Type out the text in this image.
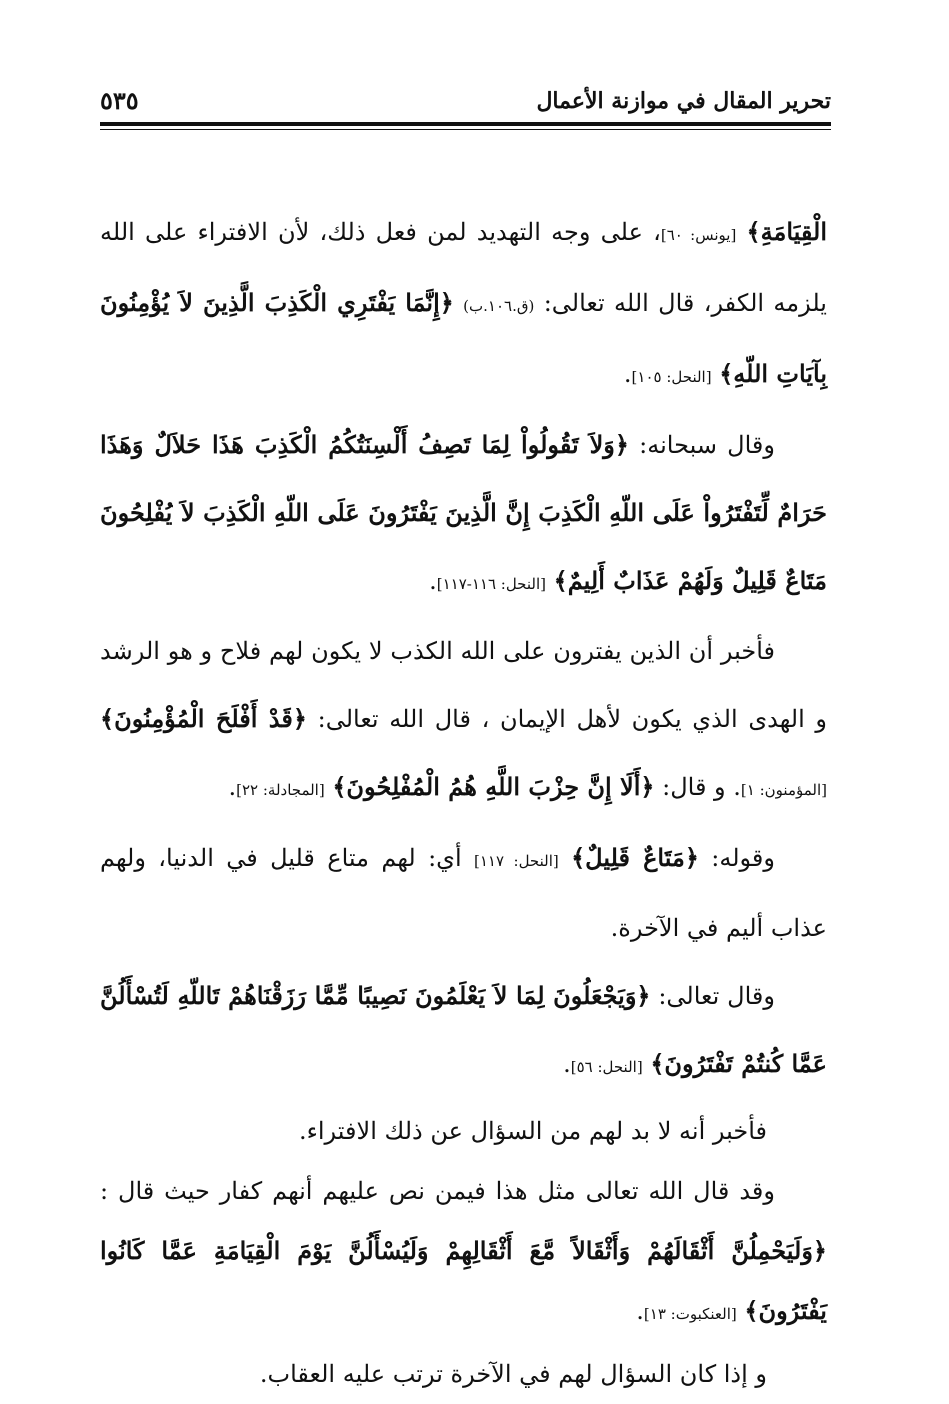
تحرير المقال في موازنة الأعمال
٥٣٥

الْقِيَامَةِ﴾ [يونس: ٦٠]، على وجه التهديد لمن فعل ذلك، لأن الافتراء على الله يلزمه الكفر، قال الله تعالى: (ق.١٠٦.ب) ﴿إِنَّمَا يَفْتَرِي الْكَذِبَ الَّذِينَ لاَ يُؤْمِنُونَ بِآيَاتِ اللّهِ﴾ [النحل: ١٠٥].

وقال سبحانه: ﴿وَلاَ تَقُولُواْ لِمَا تَصِفُ أَلْسِنَتُكُمُ الْكَذِبَ هَذَا حَلاَلٌ وَهَذَا حَرَامٌ لِّتَفْتَرُواْ عَلَى اللّهِ الْكَذِبَ إِنَّ الَّذِينَ يَفْتَرُونَ عَلَى اللّهِ الْكَذِبَ لاَ يُفْلِحُونَ مَتَاعٌ قَلِيلٌ وَلَهُمْ عَذَابٌ أَلِيمٌ﴾ [النحل: ١١٦-١١٧].

فأخبر أن الذين يفترون على الله الكذب لا يكون لهم فلاح و هو الرشد و الهدى الذي يكون لأهل الإيمان ، قال الله تعالى: ﴿قَدْ أَفْلَحَ الْمُؤْمِنُونَ﴾ [المؤمنون: ١]. و قال: ﴿أَلَا إِنَّ حِزْبَ اللَّهِ هُمُ الْمُفْلِحُونَ﴾ [المجادلة: ٢٢].

وقوله: ﴿مَتَاعٌ قَلِيلٌ﴾ [النحل: ١١٧] أي: لهم متاع قليل في الدنيا، ولهم عذاب أليم في الآخرة.

وقال تعالى: ﴿وَيَجْعَلُونَ لِمَا لاَ يَعْلَمُونَ نَصِيبًا مِّمَّا رَزَقْنَاهُمْ تَاللّهِ لَتُسْأَلُنَّ عَمَّا كُنتُمْ تَفْتَرُونَ﴾ [النحل: ٥٦].

فأخبر أنه لا بد لهم من السؤال عن ذلك الافتراء.

وقد قال الله تعالى مثل هذا فيمن نص عليهم أنهم كفار حيث قال : ﴿وَلَيَحْمِلُنَّ أَثْقَالَهُمْ وَأَثْقَالاً مَّعَ أَثْقَالِهِمْ وَلَيُسْأَلُنَّ يَوْمَ الْقِيَامَةِ عَمَّا كَانُوا يَفْتَرُونَ﴾ [العنكبوت: ١٣].

و إذا كان السؤال لهم في الآخرة ترتب عليه العقاب.
